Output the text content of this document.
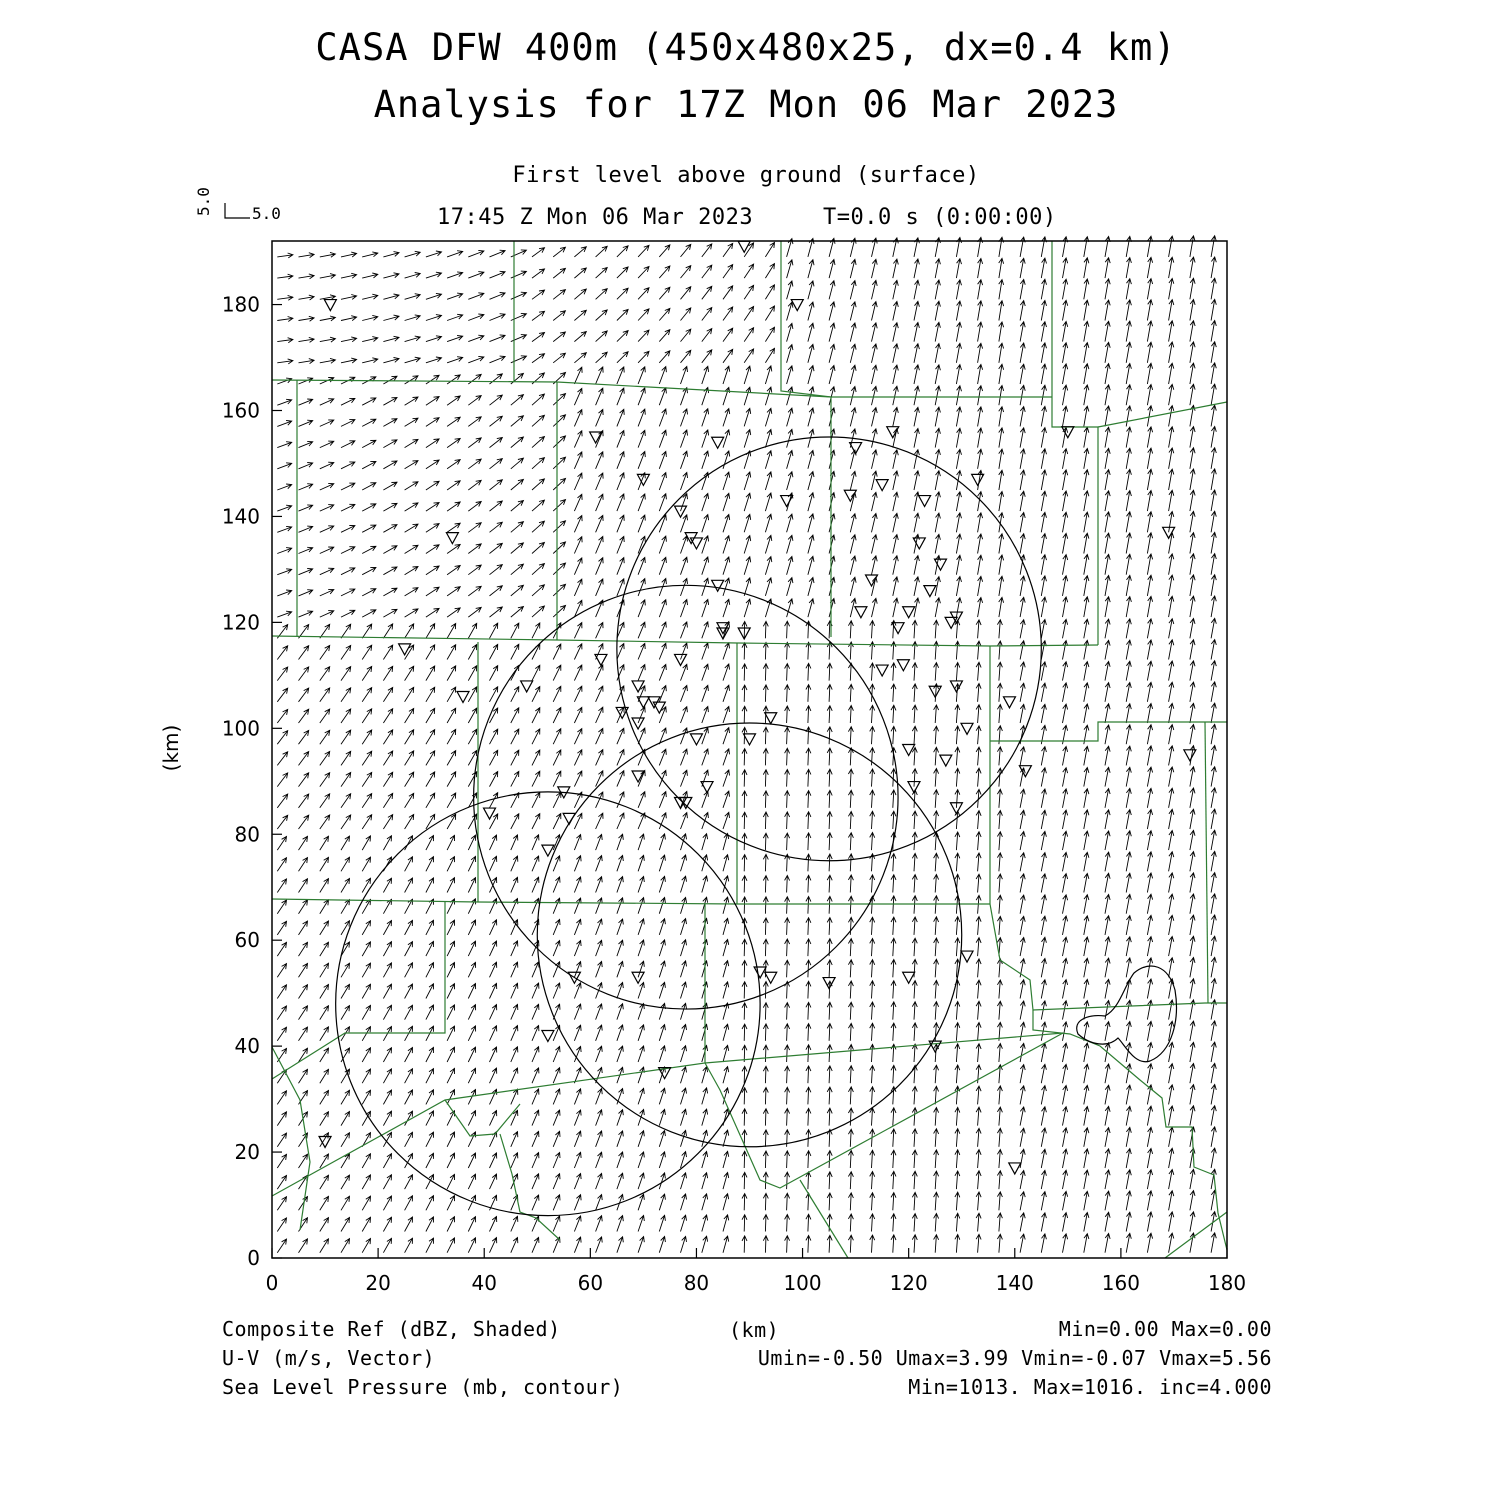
CASA DFW 400m (450x480x25, dx=0.4 km)
Analysis for 17Z Mon 06 Mar 2023
First level above ground (surface)
17:45 Z Mon 06 Mar 2023	T=0.0 s (0:00:00)
5.0
5.0
0	20	40	60	80	100	120	140	160	180
0
20
40
60
80
100
120
140
160
180
(km)
Composite Ref (dBZ, Shaded)
U-V (m/s, Vector)
Sea Level Pressure (mb, contour)
(km)	Min=0.00 Max=0.00
Umin=-0.50 Umax=3.99 Vmin=-0.07 Vmax=5.56
Min=1013. Max=1016. inc=4.000
